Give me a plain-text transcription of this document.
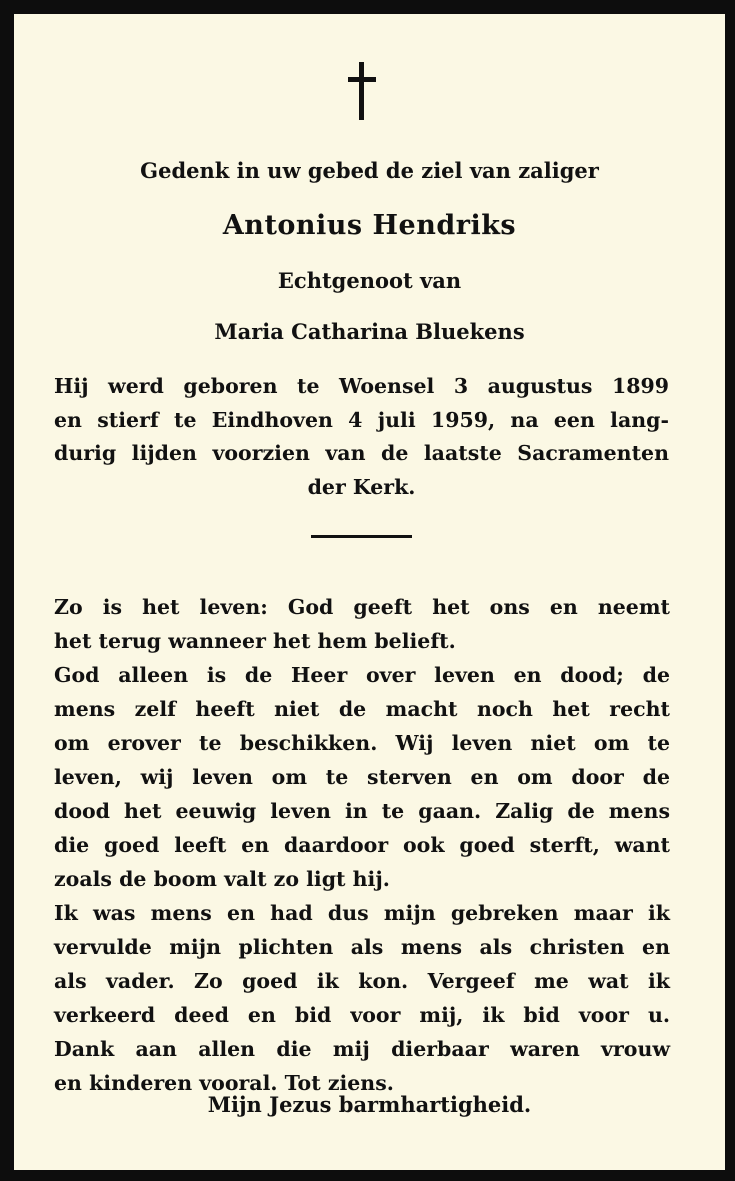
Gedenk in uw gebed de ziel van zaliger

Antonius Hendriks

Echtgenoot van

Maria Catharina Bluekens

Hij werd geboren te Woensel 3 augustus 1899
en stierf te Eindhoven 4 juli 1959, na een lang-
durig lijden voorzien van de laatste Sacramenten
der Kerk.
Zo is het leven: God geeft het ons en neemt
het terug wanneer het hem belieft.
God alleen is de Heer over leven en dood; de
mens zelf heeft niet de macht noch het recht
om erover te beschikken. Wij leven niet om te
leven, wij leven om te sterven en om door de
dood het eeuwig leven in te gaan. Zalig de mens
die goed leeft en daardoor ook goed sterft, want
zoals de boom valt zo ligt hij.
Ik was mens en had dus mijn gebreken maar ik
vervulde mijn plichten als mens als christen en
als vader. Zo goed ik kon. Vergeef me wat ik
verkeerd deed en bid voor mij, ik bid voor u.
Dank aan allen die mij dierbaar waren vrouw
en kinderen vooral. Tot ziens.

Mijn Jezus barmhartigheid.
